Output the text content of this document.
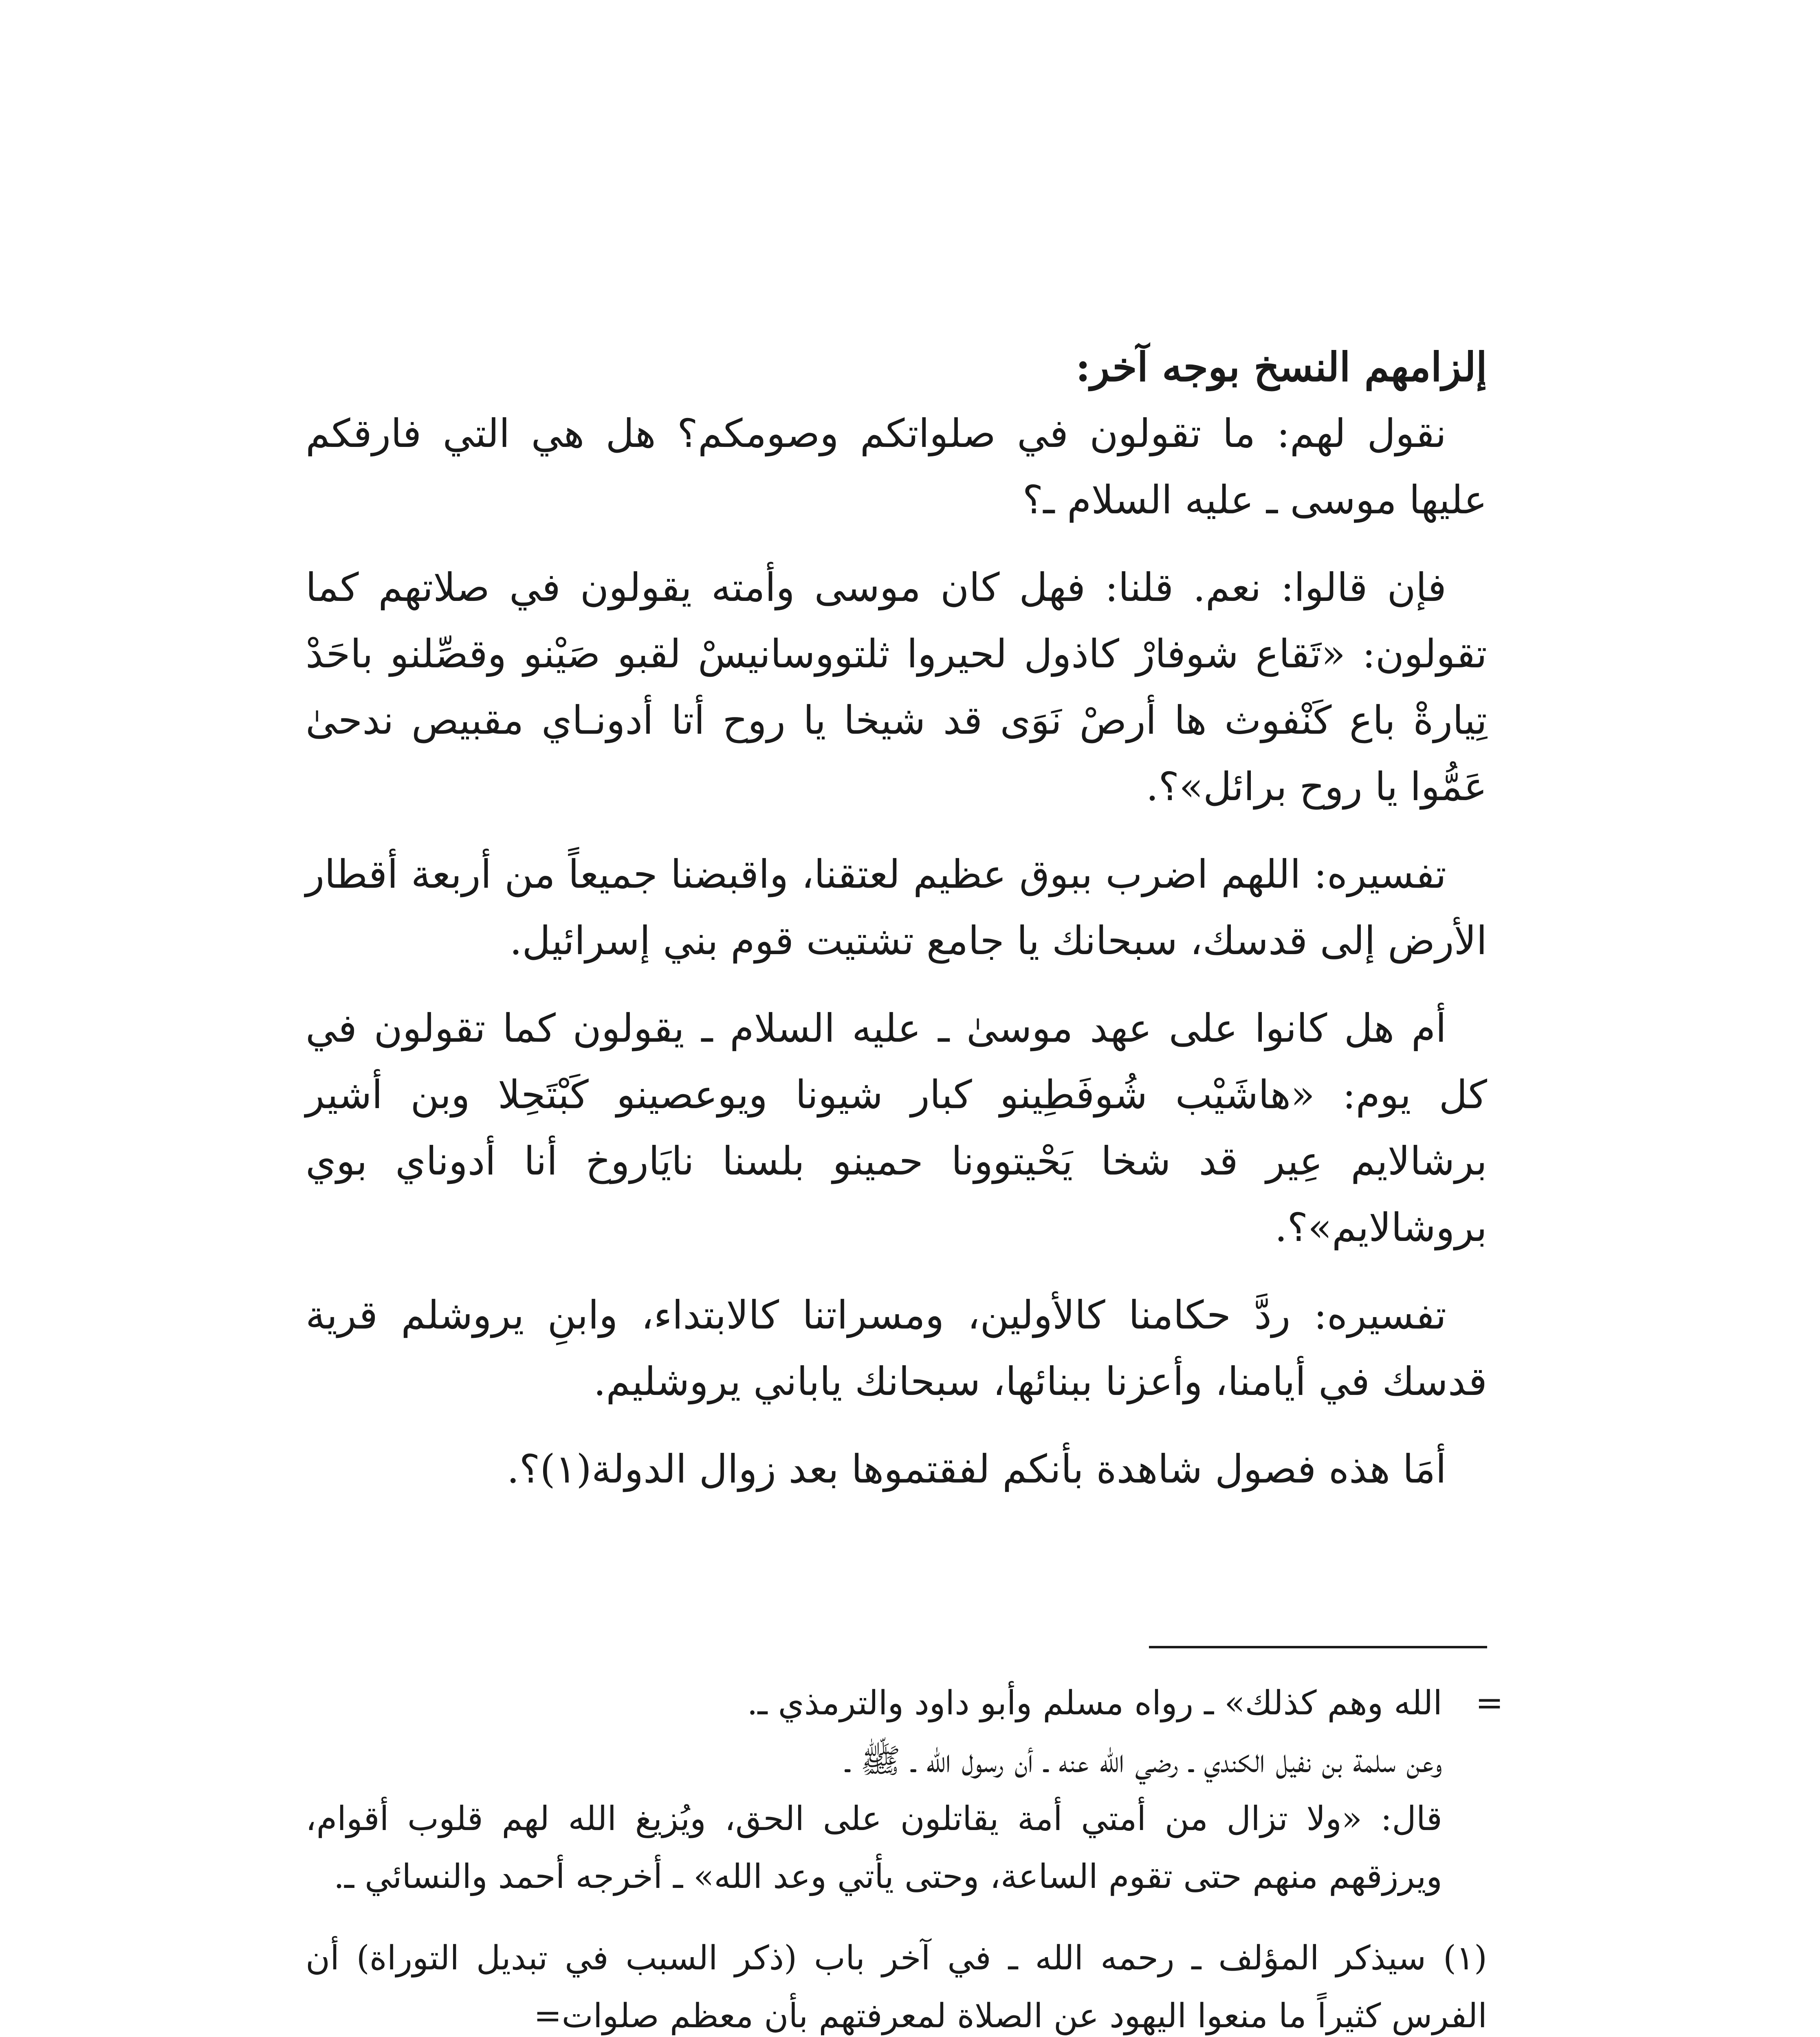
إلزامهم النسخ بوجه آخر:

نقول لهم: ما تقولون في صلواتكم وصومكم؟ هل هي التي فارقكم عليها موسى ـ عليه السلام ـ؟

فإن قالوا: نعم. قلنا: فهل كان موسى وأمته يقولون في صلاتهم كما تقولون: «تَقاع شوفارْ كاذول لحيروا ثلتووسانيسْ لقبو صَيْنو وقصِّلنو باحَدْ تِيارةْ باع كَنْفوث ها أرصْ نَوَى قد شيخا يا روح أتا أدونـاي مقبيص ندحىٰ عَمُّوا يا روح برائل»؟.

تفسيره: اللهم اضرب ببوق عظيم لعتقنا، واقبضنا جميعاً من أربعة أقطار الأرض إلى قدسك، سبحانك يا جامع تشتيت قوم بني إسرائيل.

أم هل كانوا على عهد موسىٰ ـ عليه السلام ـ يقولون كما تقولون في كل يوم: «هاشَيْب شُوفَطِينو كبار شيونا ويوعصينو كَبْتَحِلا وبن أشير برشالايم عِير قد شخا يَحْيتوونا حمينو بلسنا نايَاروخ أنا أدوناي بوي بروشالايم»؟.

تفسيره: ردَّ حكامنا كالأولين، ومسراتنا كالابتداء، وابنِ يروشلم قرية قدسك في أيامنا، وأعزنا ببنائها، سبحانك ياباني يروشليم.

أمَا هذه فصول شاهدة بأنكم لفقتموها بعد زوال الدولة(١)؟.

=
الله وهم كذلك» ـ رواه مسلم وأبو داود والترمذي ـ.

وعن سلمة بن نفيل الكندي ـ رضي الله عنه ـ أن رسول الله ـ ﷺ ـ

قال: «ولا تزال من أمتي أمة يقاتلون على الحق، ويُزيغ الله لهم قلوب أقوام، ويرزقهم منهم حتى تقوم الساعة، وحتى يأتي وعد الله» ـ أخرجه أحمد والنسائي ـ.

(١) سيذكر المؤلف ـ رحمه الله ـ في آخر باب (ذكر السبب في تبديل التوراة) أن الفرس كثيراً ما منعوا اليهود عن الصلاة لمعرفتهم بأن معظم صلوات=
